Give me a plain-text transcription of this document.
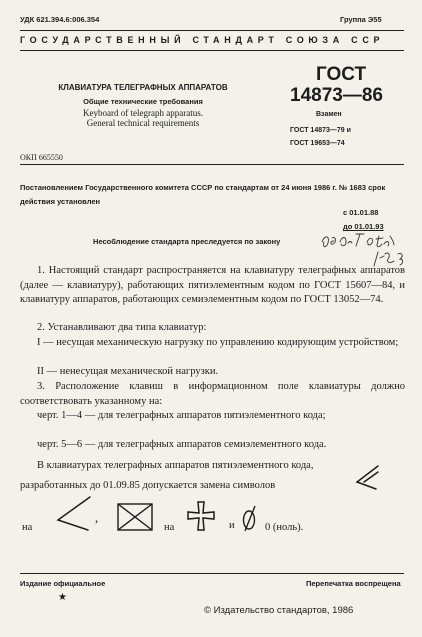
УДК 621.394.6:006.354	Группа Э55
ГОСУДАРСТВЕННЫЙ СТАНДАРТ СОЮЗА ССР
КЛАВИАТУРА ТЕЛЕГРАФНЫХ АППАРАТОВ
Общие технические требования
Keyboard of telegraph apparatus.
General technical requirements
ГОСТ
14873—86
Взамен
ГОСТ 14873—79 и
ГОСТ 19653—74
ОКП 665550
Постановлением Государственного комитета СССР по стандартам от 24 июня 1986 г. № 1683 срок действия установлен
с 01.01.88
до 01.01.93
Несоблюдение стандарта преследуется по закону
1. Настоящий стандарт распространяется на клавиатуру телеграфных аппаратов (далее — клавиатуру), работающих пятиэлементным кодом по ГОСТ 15607—84, и клавиатуру аппаратов, работающих семиэлементным кодом по ГОСТ 13052—74.
2. Устанавливают два типа клавиатур:
I — несущая механическую нагрузку по управлению кодирующим устройством;
II — ненесущая механической нагрузки.
3. Расположение клавиш в информационном поле клавиатуры должно соответствовать указанному на:
черт. 1—4 — для телеграфных аппаратов пятиэлементного кода;
черт. 5—6 — для телеграфных аппаратов семиэлементного кода.
В клавиатурах телеграфных аппаратов пятиэлементного кода,
разработанных до 01.09.85 допускается замена символов
на
, ☒ на	и	0 (ноль).
Издание официальное	Перепечатка воспрещена
★
© Издательство стандартов, 1986
